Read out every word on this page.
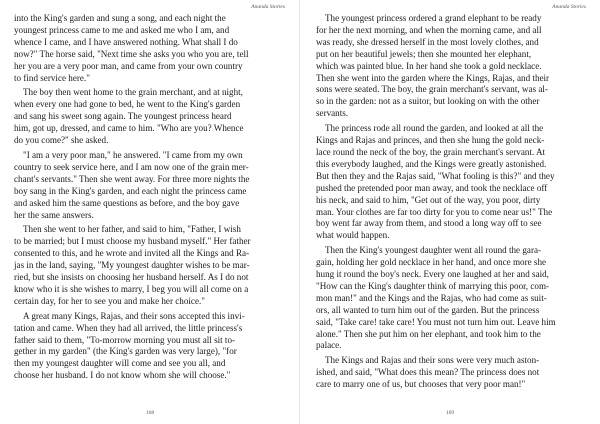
Ananda Stories
into the King's garden and sung a song, and each night the
youngest princess came to me and asked me who I am, and
whence I came, and I have answered nothing. What shall I do
now?" The horse said, "Next time she asks you who you are, tell
her you are a very poor man, and came from your own country
to find service here."
The boy then went home to the grain merchant, and at night,
when every one had gone to bed, he went to the King's garden
and sang his sweet song again. The youngest princess heard
him, got up, dressed, and came to him. "Who are you? Whence
do you come?" she asked.
"I am a very poor man," he answered. "I came from my own
country to seek service here, and I am now one of the grain mer-
chant's servants." Then she went away. For three more nights the
boy sang in the King's garden, and each night the princess came
and asked him the same questions as before, and the boy gave
her the same answers.
Then she went to her father, and said to him, "Father, I wish
to be married; but I must choose my husband myself." Her father
consented to this, and he wrote and invited all the Kings and Ra-
jas in the land, saying, "My youngest daughter wishes to be mar-
ried, but she insists on choosing her husband herself. As I do not
know who it is she wishes to marry, I beg you will all come on a
certain day, for her to see you and make her choice."
A great many Kings, Rajas, and their sons accepted this invi-
tation and came. When they had all arrived, the little princess's
father said to them, "To-morrow morning you must all sit to-
gether in my garden" (the King's garden was very large), "for
then my youngest daughter will come and see you all, and
choose her husband. I do not know whom she will choose."
168
Ananda Stories
The youngest princess ordered a grand elephant to be ready
for her the next morning, and when the morning came, and all
was ready, she dressed herself in the most lovely clothes, and
put on her beautiful jewels; then she mounted her elephant,
which was painted blue. In her hand she took a gold necklace.
Then she went into the garden where the Kings, Rajas, and their
sons were seated. The boy, the grain merchant's servant, was al-
so in the garden: not as a suitor, but looking on with the other
servants.
The princess rode all round the garden, and looked at all the
Kings and Rajas and princes, and then she hung the gold neck-
lace round the neck of the boy, the grain merchant's servant. At
this everybody laughed, and the Kings were greatly astonished.
But then they and the Rajas said, "What fooling is this?" and they
pushed the pretended poor man away, and took the necklace off
his neck, and said to him, "Get out of the way, you poor, dirty
man. Your clothes are far too dirty for you to come near us!" The
boy went far away from them, and stood a long way off to see
what would happen.
Then the King's youngest daughter went all round the gara-
gain, holding her gold necklace in her hand, and once more she
hung it round the boy's neck. Every one laughed at her and said,
"How can the King's daughter think of marrying this poor, com-
mon man!" and the Kings and the Rajas, who had come as suit-
ors, all wanted to turn him out of the garden. But the princess
said, "Take care! take care! You must not turn him out. Leave him
alone." Then she put him on her elephant, and took him to the
palace.
The Kings and Rajas and their sons were very much aston-
ished, and said, "What does this mean? The princess does not
care to marry one of us, but chooses that very poor man!"
169
